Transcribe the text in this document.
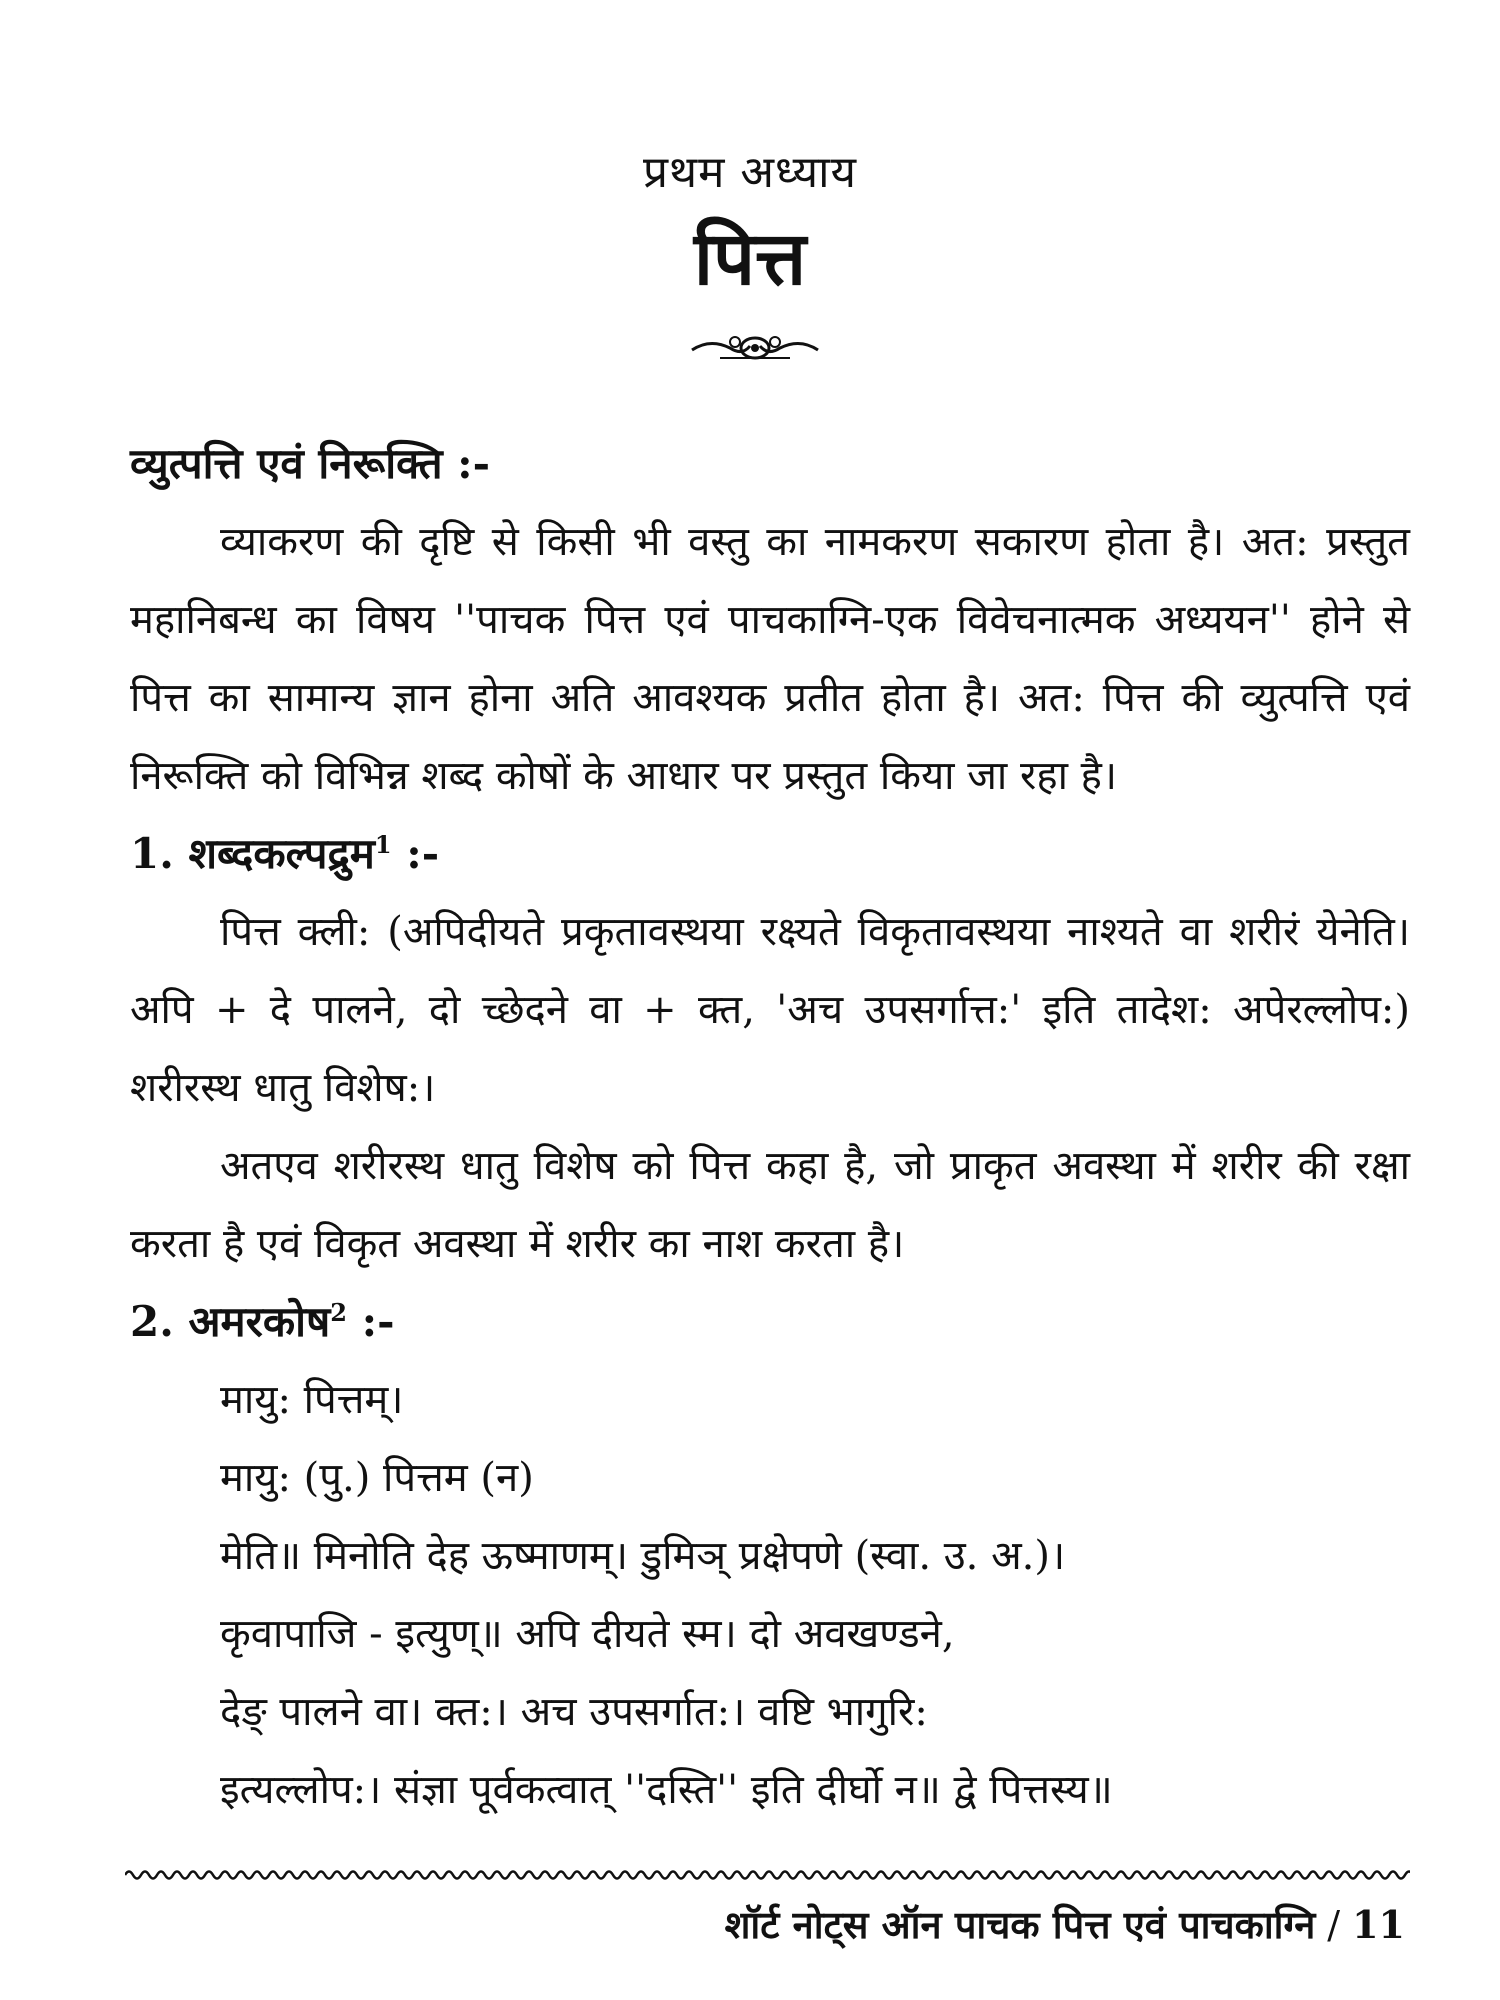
प्रथम अध्याय
पित्त

व्युत्पत्ति एवं निरूक्ति :-

व्याकरण की दृष्टि से किसी भी वस्तु का नामकरण सकारण होता है। अत: प्रस्तुत महानिबन्ध का विषय ''पाचक पित्त एवं पाचकाग्नि-एक विवेचनात्मक अध्ययन'' होने से पित्त का सामान्य ज्ञान होना अति आवश्यक प्रतीत होता है। अत: पित्त की व्युत्पत्ति एवं निरूक्ति को विभिन्न शब्द कोषों के आधार पर प्रस्तुत किया जा रहा है।

1. शब्दकल्पद्रुम$^1$ :-

पित्त क्ली: (अपिदीयते प्रकृतावस्थया रक्ष्यते विकृतावस्थया नाश्यते वा शरीरं येनेति। अपि + दे पालने, दो च्छेदने वा + क्त, 'अच उपसर्गात्त:' इति तादेश: अपेरल्लोप:) शरीरस्थ धातु विशेष:।

अतएव शरीरस्थ धातु विशेष को पित्त कहा है, जो प्राकृत अवस्था में शरीर की रक्षा करता है एवं विकृत अवस्था में शरीर का नाश करता है।

2. अमरकोष$^2$ :-

मायु: पित्तम्।

मायु: (पु.) पित्तम (न)

मेति॥ मिनोति देह ऊष्माणम्। डुमिञ् प्रक्षेपणे (स्वा. उ. अ.)।

कृवापाजि - इत्युण्॥ अपि दीयते स्म। दो अवखण्डने,

देङ् पालने वा। क्त:। अच उपसर्गात:। वष्टि भागुरि:

इत्यल्लोप:। संज्ञा पूर्वकत्वात् ''दस्ति'' इति दीर्घो न॥ द्वे पित्तस्य॥

शॉर्ट नोट्स ऑन पाचक पित्त एवं पाचकाग्नि / 11
